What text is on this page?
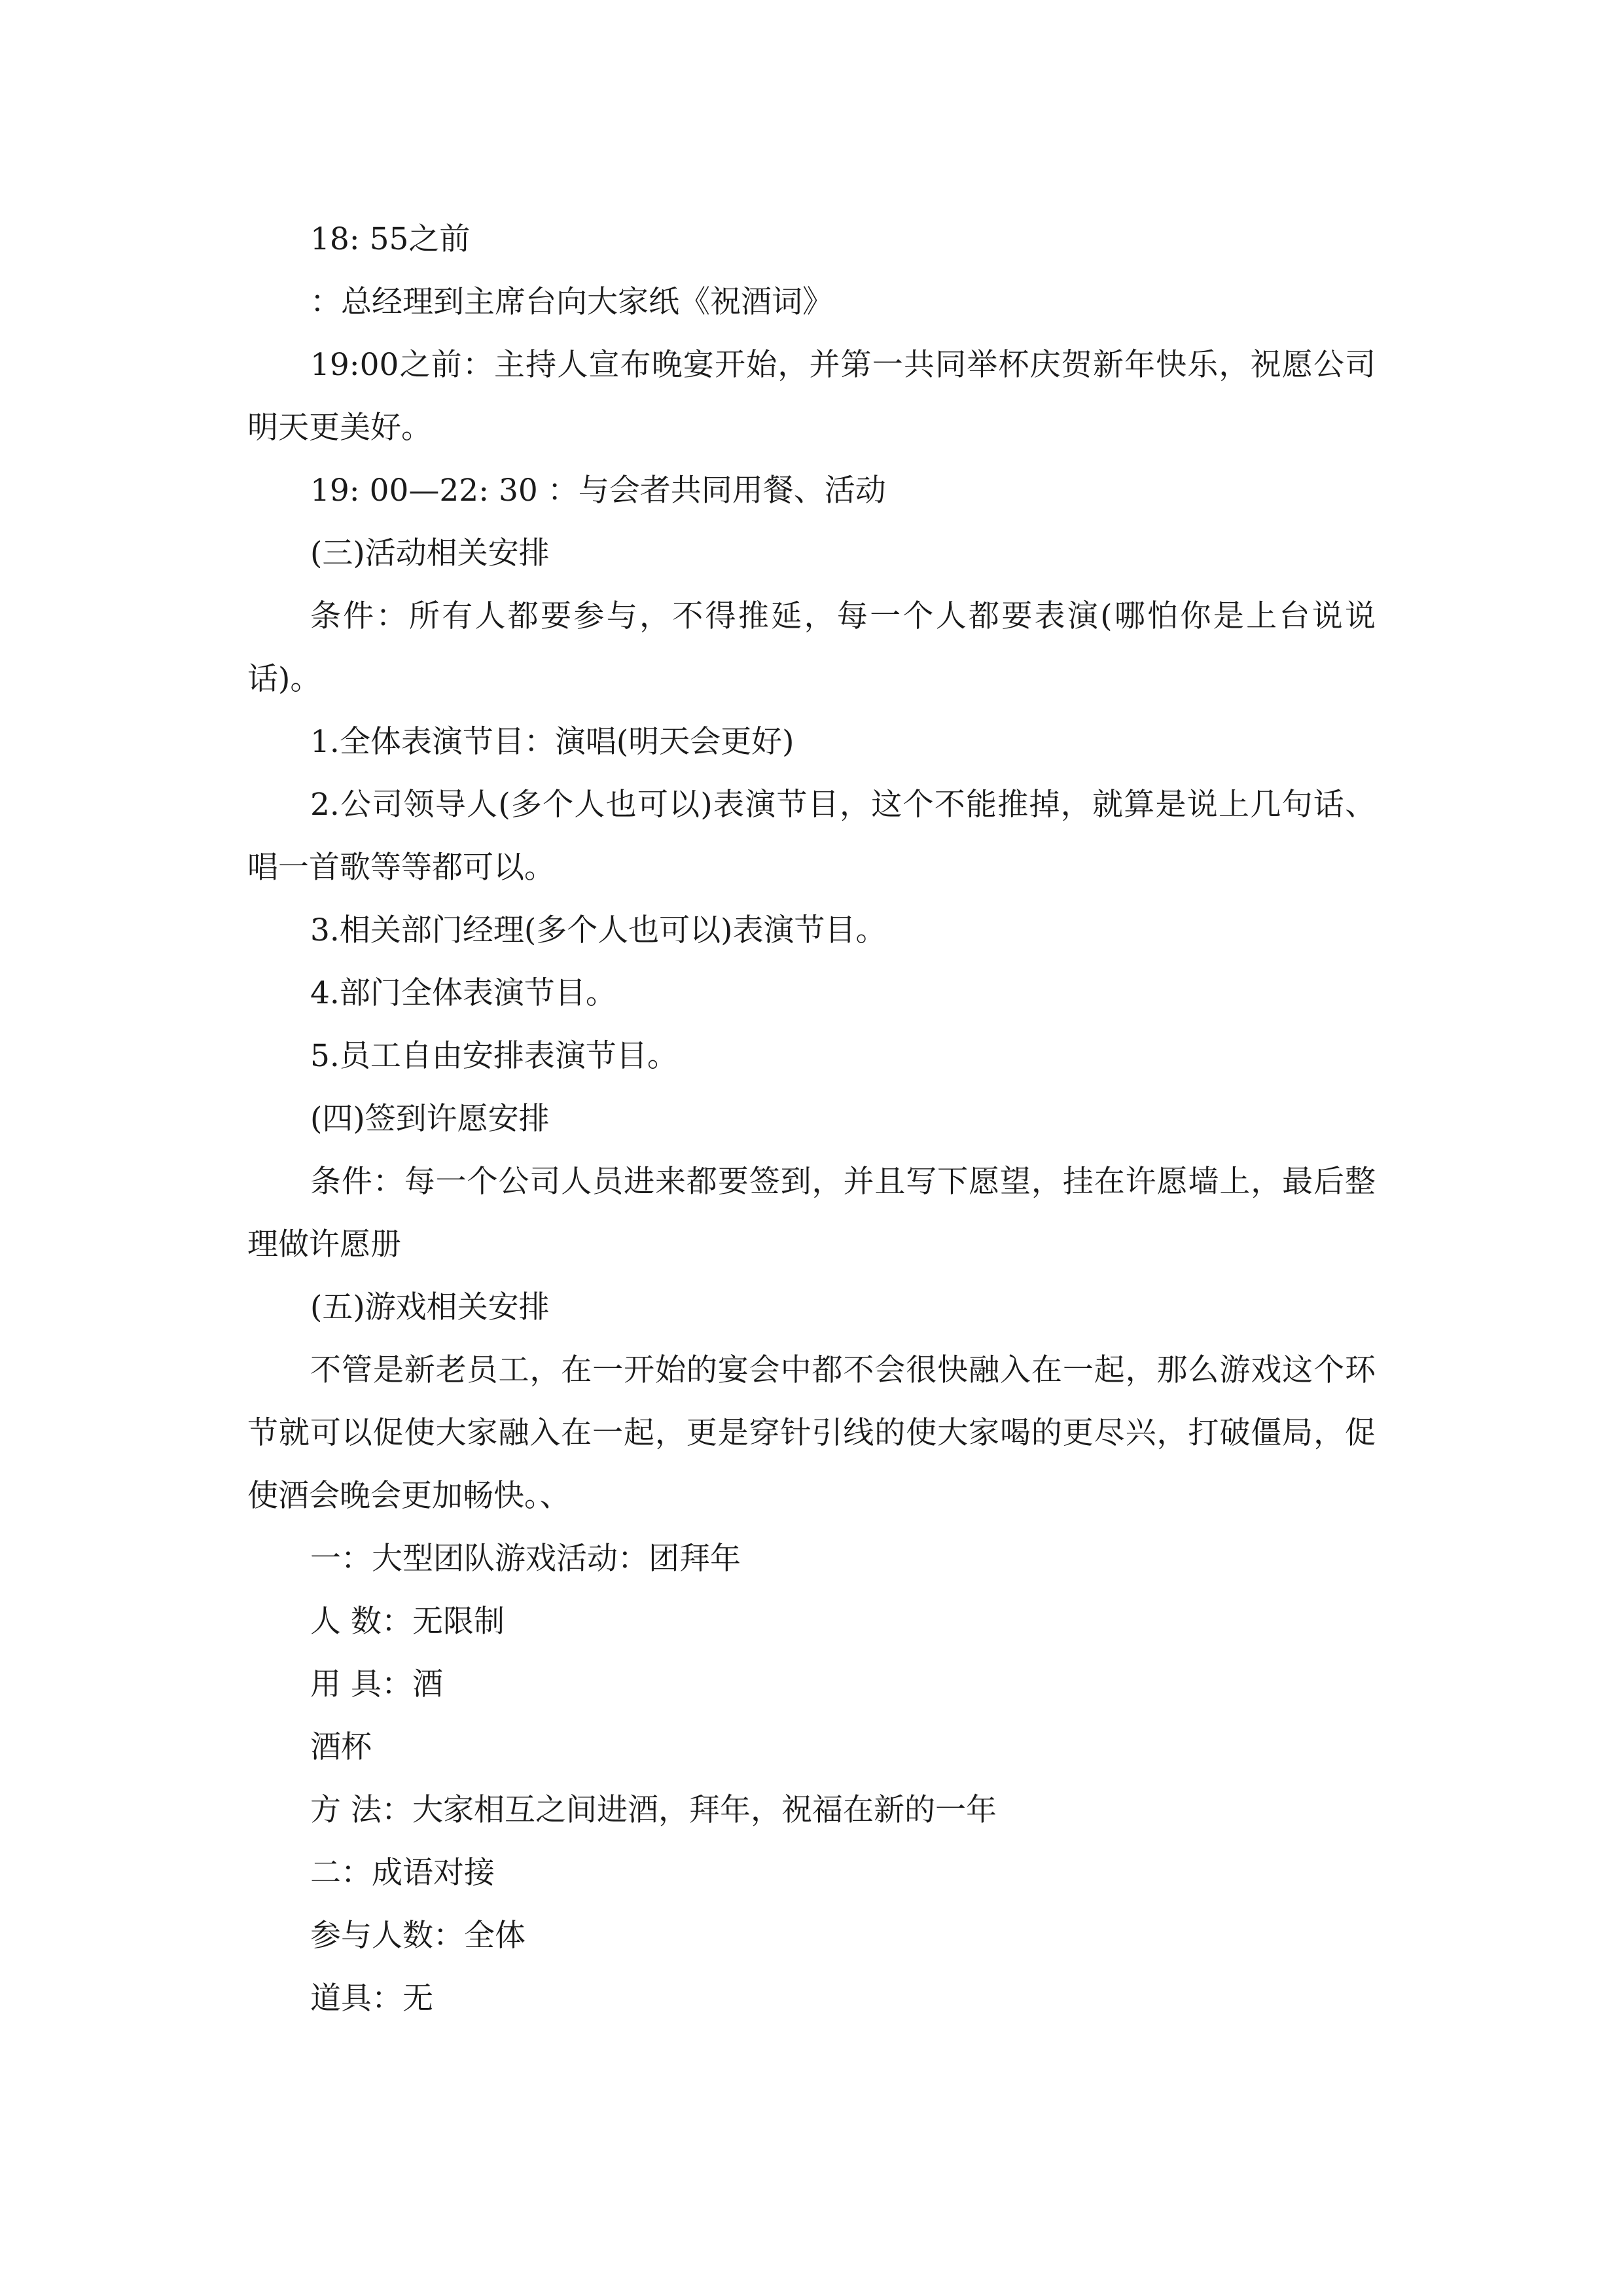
18: 55之前

：总经理到主席台向大家纸《祝酒词》

19:00之前：主持人宣布晚宴开始，并第一共同举杯庆贺新年快乐，祝愿公司明天更美好。

19: 00—22: 30 ：与会者共同用餐、活动

(三)活动相关安排

条件：所有人都要参与，不得推延，每一个人都要表演(哪怕你是上台说说话)。

1.全体表演节目：演唱(明天会更好)

2.公司领导人(多个人也可以)表演节目，这个不能推掉，就算是说上几句话、唱一首歌等等都可以。

3.相关部门经理(多个人也可以)表演节目。

4.部门全体表演节目。

5.员工自由安排表演节目。

(四)签到许愿安排

条件：每一个公司人员进来都要签到，并且写下愿望，挂在许愿墙上，最后整理做许愿册

(五)游戏相关安排

不管是新老员工，在一开始的宴会中都不会很快融入在一起，那么游戏这个环节就可以促使大家融入在一起，更是穿针引线的使大家喝的更尽兴，打破僵局，促使酒会晚会更加畅快。、

一：大型团队游戏活动：团拜年

人 数：无限制

用 具：酒

酒杯

方 法：大家相互之间进酒，拜年，祝福在新的一年

二：成语对接

参与人数：全体

道具：无
